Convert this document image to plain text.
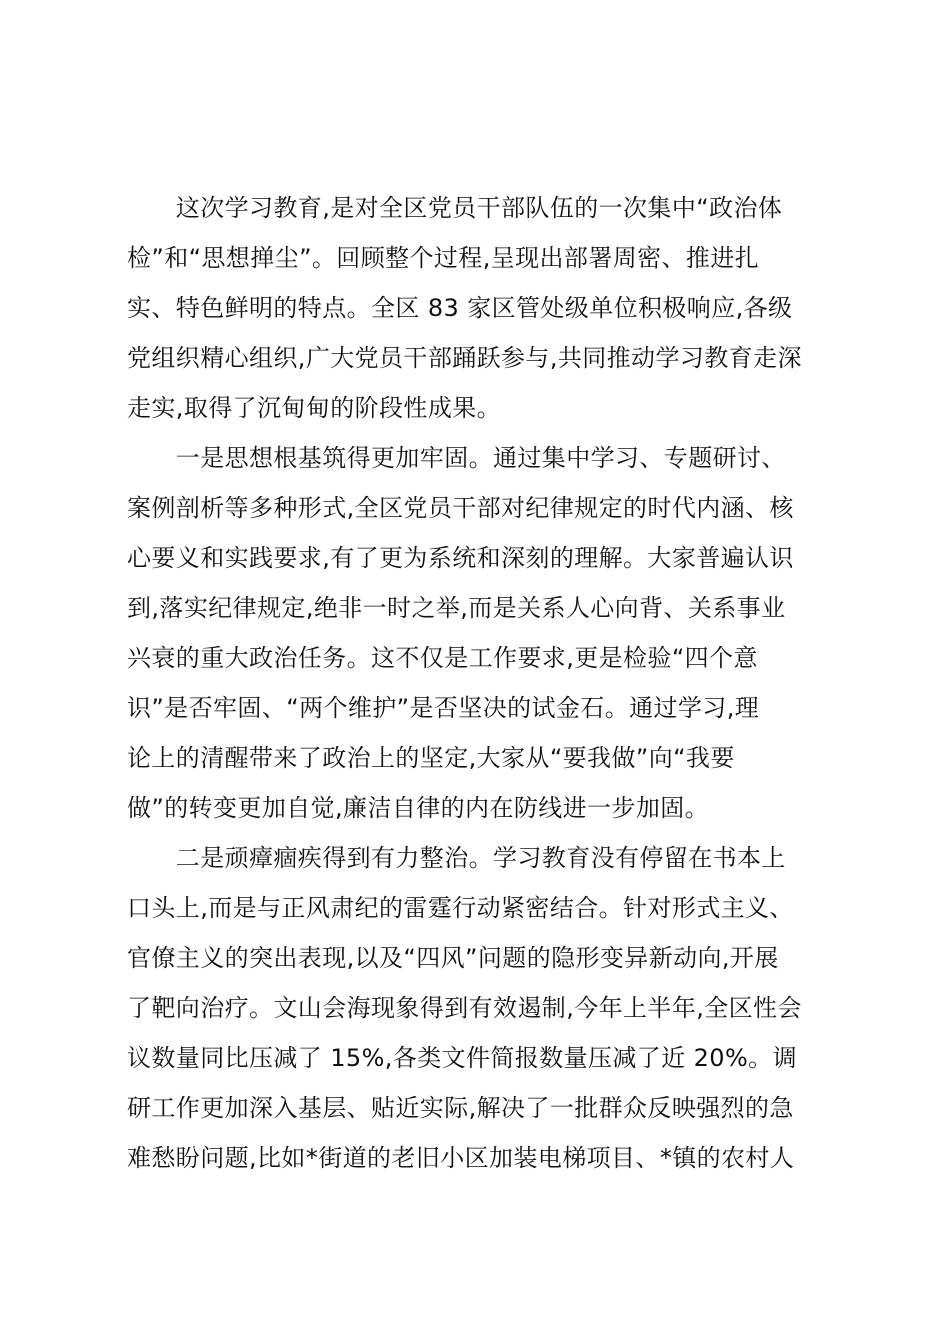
　　这次学习教育,是对全区党员干部队伍的一次集中“政治体
检”和“思想掸尘”。回顾整个过程,呈现出部署周密、推进扎
实、特色鲜明的特点。全区 83 家区管处级单位积极响应,各级
党组织精心组织,广大党员干部踊跃参与,共同推动学习教育走深
走实,取得了沉甸甸的阶段性成果。
　　一是思想根基筑得更加牢固。通过集中学习、专题研讨、
案例剖析等多种形式,全区党员干部对纪律规定的时代内涵、核
心要义和实践要求,有了更为系统和深刻的理解。大家普遍认识
到,落实纪律规定,绝非一时之举,而是关系人心向背、关系事业
兴衰的重大政治任务。这不仅是工作要求,更是检验“四个意
识”是否牢固、“两个维护”是否坚决的试金石。通过学习,理
论上的清醒带来了政治上的坚定,大家从“要我做”向“我要
做”的转变更加自觉,廉洁自律的内在防线进一步加固。
　　二是顽瘴痼疾得到有力整治。学习教育没有停留在书本上
口头上,而是与正风肃纪的雷霆行动紧密结合。针对形式主义、
官僚主义的突出表现,以及“四风”问题的隐形变异新动向,开展
了靶向治疗。文山会海现象得到有效遏制,今年上半年,全区性会
议数量同比压减了 15%,各类文件简报数量压减了近 20%。调
研工作更加深入基层、贴近实际,解决了一批群众反映强烈的急
难愁盼问题,比如*街道的老旧小区加装电梯项目、*镇的农村人
